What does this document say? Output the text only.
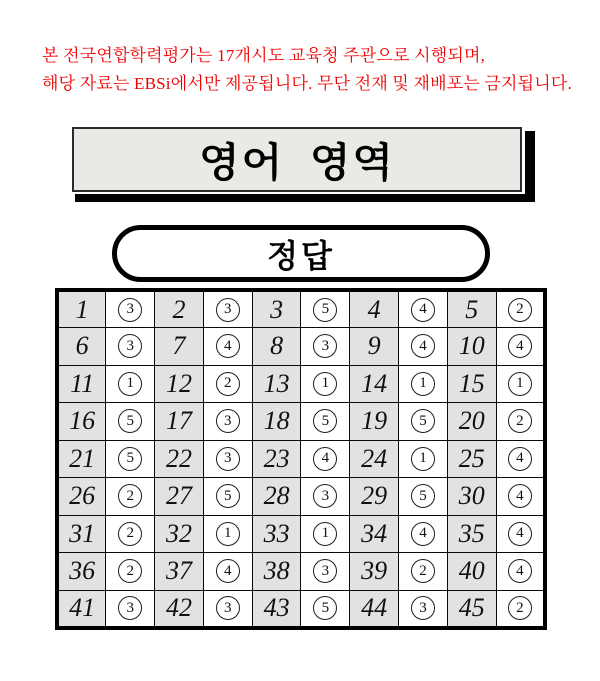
본 전국연합학력평가는 17개시도 교육청 주관으로 시행되며,
해당 자료는 EBSi에서만 제공됩니다. 무단 전재 및 재배포는 금지됩니다.
영어 영역
정답
1	3	2	3	3	5	4	4	5	2
6	3	7	4	8	3	9	4	10	4
11	1	12	2	13	1	14	1	15	1
16	5	17	3	18	5	19	5	20	2
21	5	22	3	23	4	24	1	25	4
26	2	27	5	28	3	29	5	30	4
31	2	32	1	33	1	34	4	35	4
36	2	37	4	38	3	39	2	40	4
41	3	42	3	43	5	44	3	45	2
